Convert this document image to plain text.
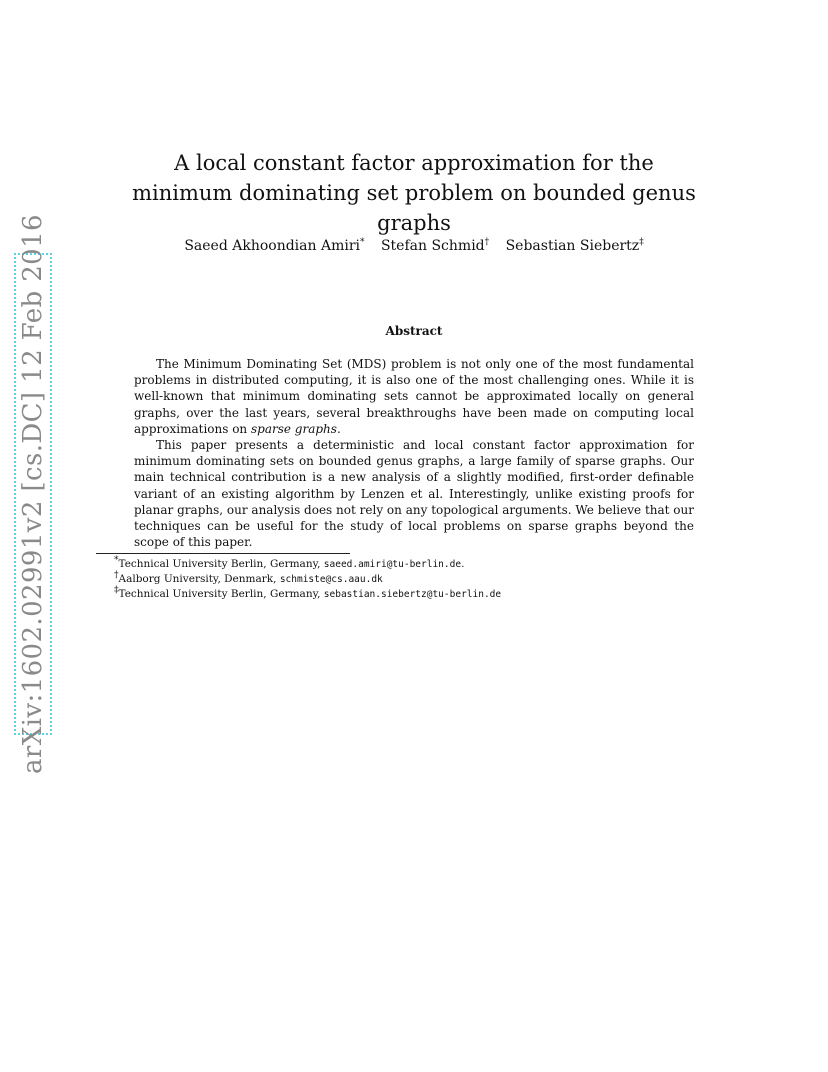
arXiv:1602.02991v2 [cs.DC] 12 Feb 2016
A local constant factor approximation for the
minimum dominating set problem on bounded genus graphs
Saeed Akhoondian Amiri* Stefan Schmid† Sebastian Siebertz‡
Abstract

The Minimum Dominating Set (MDS) problem is not only one of the most fundamental problems in distributed computing, it is also one of the most challenging ones. While it is well-known that minimum dominating sets cannot be approximated locally on general graphs, over the last years, several breakthroughs have been made on computing local approximations on sparse graphs.

This paper presents a deterministic and local constant factor approximation for minimum dominating sets on bounded genus graphs, a large family of sparse graphs. Our main technical contribution is a new analysis of a slightly modified, first-order definable variant of an existing algorithm by Lenzen et al. Interestingly, unlike existing proofs for planar graphs, our analysis does not rely on any topological arguments. We believe that our techniques can be useful for the study of local problems on sparse graphs beyond the scope of this paper.

*Technical University Berlin, Germany, saeed.amiri@tu-berlin.de.
†Aalborg University, Denmark, schmiste@cs.aau.dk
‡Technical University Berlin, Germany, sebastian.siebertz@tu-berlin.de
